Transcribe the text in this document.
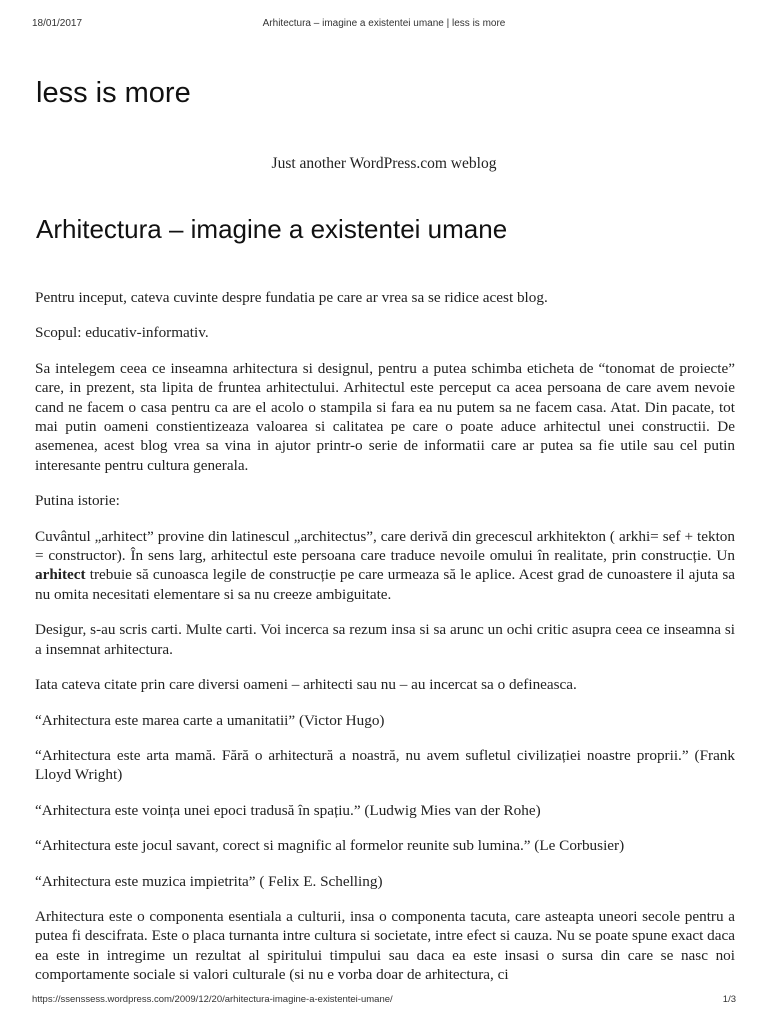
18/01/2017	Arhitectura – imagine a existentei umane | less is more
less is more
Just another WordPress.com weblog
Arhitectura – imagine a existentei umane

Pentru inceput, cateva cuvinte despre fundatia pe care ar vrea sa se ridice acest blog.

Scopul: educativ-informativ.

Sa intelegem ceea ce inseamna arhitectura si designul, pentru a putea schimba eticheta de “tonomat de proiecte” care, in prezent, sta lipita de fruntea arhitectului. Arhitectul este perceput ca acea persoana de care avem nevoie cand ne facem o casa pentru ca are el acolo o stampila si fara ea nu putem sa ne facem casa. Atat. Din pacate, tot mai putin oameni constientizeaza valoarea si calitatea pe care o poate aduce arhitectul unei constructii. De asemenea, acest blog vrea sa vina in ajutor printr-o serie de informatii care ar putea sa fie utile sau cel putin interesante pentru cultura generala.

Putina istorie:

Cuvântul „arhitect” provine din latinescul „architectus”, care derivă din grecescul arkhitekton ( arkhi= sef + tekton = constructor). În sens larg, arhitectul este persoana care traduce nevoile omului în realitate, prin construcție. Un arhitect trebuie să cunoasca legile de construcție pe care urmeaza să le aplice. Acest grad de cunoastere il ajuta sa nu omita necesitati elementare si sa nu creeze ambiguitate.

Desigur, s-au scris carti. Multe carti. Voi incerca sa rezum insa si sa arunc un ochi critic asupra ceea ce inseamna si a insemnat arhitectura.

Iata cateva citate prin care diversi oameni – arhitecti sau nu – au incercat sa o defineasca.

“Arhitectura este marea carte a umanitatii” (Victor Hugo)

“Arhitectura este arta mamă. Fără o arhitectură a noastră, nu avem sufletul civilizației noastre proprii.” (Frank Lloyd Wright)

“Arhitectura este voința unei epoci tradusă în spațiu.” (Ludwig Mies van der Rohe)

“Arhitectura este jocul savant, corect si magnific al formelor reunite sub lumina.” (Le Corbusier)

“Arhitectura este muzica impietrita” ( Felix E. Schelling)

Arhitectura este o componenta esentiala a culturii, insa o componenta tacuta, care asteapta uneori secole pentru a putea fi descifrata. Este o placa turnanta intre cultura si societate, intre efect si cauza. Nu se poate spune exact daca ea este in intregime un rezultat al spiritului timpului sau daca ea este insasi o sursa din care se nasc noi comportamente sociale si valori culturale (si nu e vorba doar de arhitectura, ci

https://ssenssess.wordpress.com/2009/12/20/arhitectura-imagine-a-existentei-umane/	1/3
